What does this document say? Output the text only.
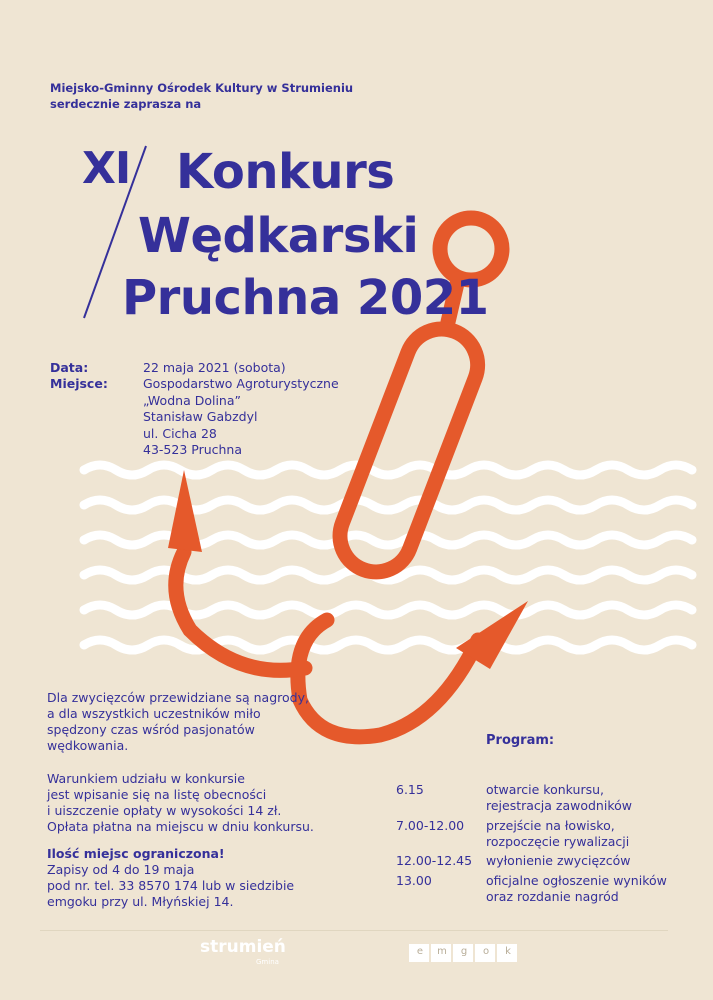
Miejsko-Gminny Ośrodek Kultury w Strumieniu
serdecznie zaprasza na
XI Konkurs
Wędkarski
Pruchna 2021
Data:	22 maja 2021 (sobota)
Miejsce:	Gospodarstwo Agroturystyczne
„Wodna Dolina”
Stanisław Gabzdyl
ul. Cicha 28
43-523 Pruchna
Dla zwycięzców przewidziane są nagrody,
a dla wszystkich uczestników miło
spędzony czas wśród pasjonatów
wędkowania.
Warunkiem udziału w konkursie
jest wpisanie się na listę obecności
i uiszczenie opłaty w wysokości 14 zł.
Opłata płatna na miejscu w dniu konkursu.
Ilość miejsc ograniczona!
Zapisy od 4 do 19 maja
pod nr. tel. 33 8570 174 lub w siedzibie
emgoku przy ul. Młyńskiej 14.
Program:
6.15	otwarcie konkursu,
rejestracja zawodników
7.00-12.00 przejście na łowisko,
rozpoczęcie rywalizacji
12.00-12.45 wyłonienie zwycięzców
13.00	oficjalne ogłoszenie wyników
oraz rozdanie nagród
strumień
Gmina
e m g o k
